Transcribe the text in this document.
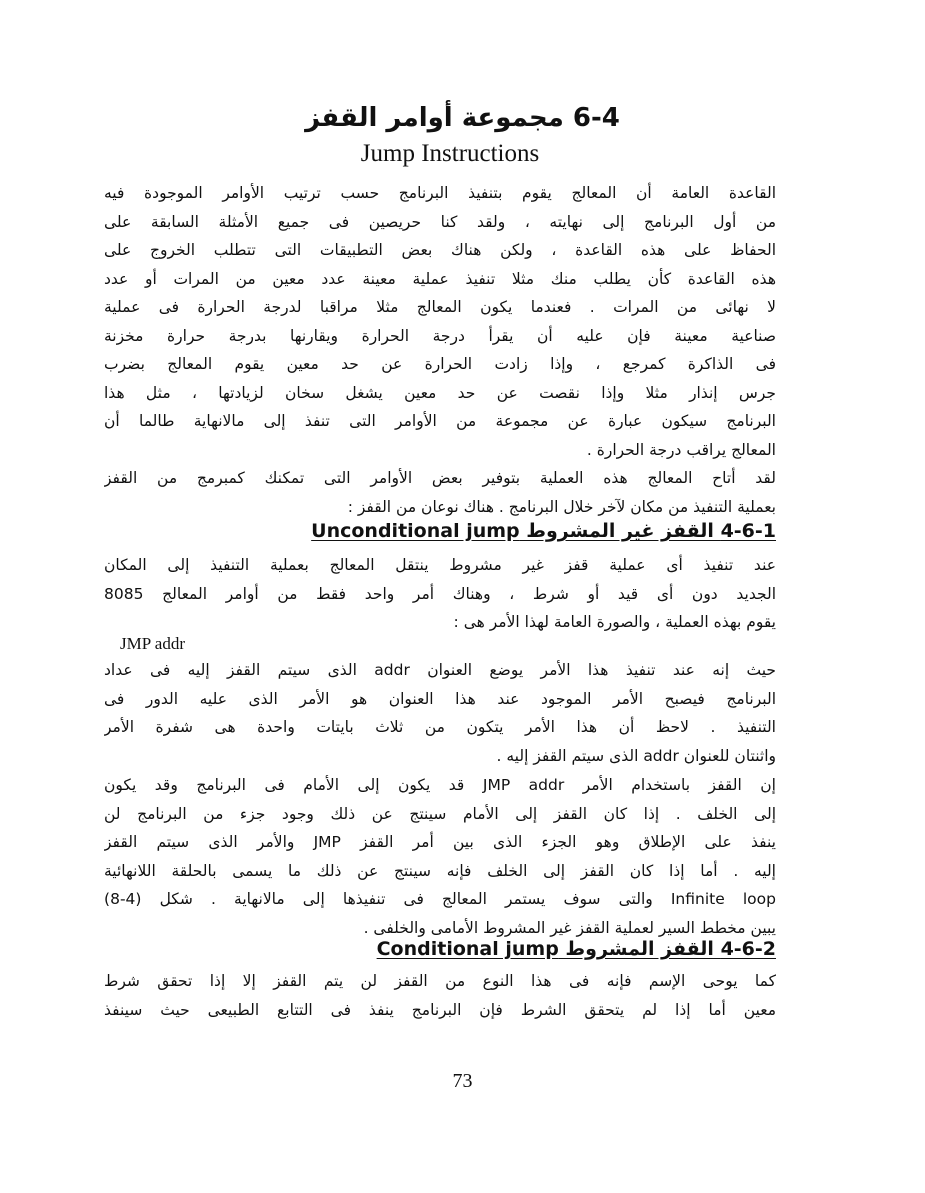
6-4 مجموعة أوامر القفز
Jump Instructions
القاعدة العامة أن المعالج يقوم بتنفيذ البرنامج حسب ترتيب الأوامر الموجودة فيه
من أول البرنامج إلى نهايته ، ولقد كنا حريصين فى جميع الأمثلة السابقة على
الحفاظ على هذه القاعدة ، ولكن هناك بعض التطبيقات التى تتطلب الخروج على
هذه القاعدة كأن يطلب منك مثلا تنفيذ عملية معينة عدد معين من المرات أو عدد
لا نهائى من المرات . فعندما يكون المعالج مثلا مراقبا لدرجة الحرارة فى عملية
صناعية معينة فإن عليه أن يقرأ درجة الحرارة ويقارنها بدرجة حرارة مخزنة
فى الذاكرة كمرجع ، وإذا زادت الحرارة عن حد معين يقوم المعالج بضرب
جرس إنذار مثلا وإذا نقصت عن حد معين يشغل سخان لزيادتها ، مثل هذا
البرنامج سيكون عبارة عن مجموعة من الأوامر التى تنفذ إلى مالانهاية طالما أن
المعالج يراقب درجة الحرارة .
لقد أتاح المعالج هذه العملية بتوفير بعض الأوامر التى تمكنك كمبرمج من القفز
بعملية التنفيذ من مكان لآخر خلال البرنامج . هناك نوعان من القفز :
4-6-1 القفز غير المشروط Unconditional jump
عند تنفيذ أى عملية قفز غير مشروط ينتقل المعالج بعملية التنفيذ إلى المكان
الجديد دون أى قيد أو شرط ، وهناك أمر واحد فقط من أوامر المعالج 8085
يقوم بهذه العملية ، والصورة العامة لهذا الأمر هى :
JMP addr
حيث إنه عند تنفيذ هذا الأمر يوضع العنوان addr الذى سيتم القفز إليه فى عداد
البرنامج فيصبح الأمر الموجود عند هذا العنوان هو الأمر الذى عليه الدور فى
التنفيذ . لاحظ أن هذا الأمر يتكون من ثلاث بايتات واحدة هى شفرة الأمر
واثنتان للعنوان addr الذى سيتم القفز إليه .
إن القفز باستخدام الأمر JMP addr قد يكون إلى الأمام فى البرنامج وقد يكون
إلى الخلف . إذا كان القفز إلى الأمام سينتج عن ذلك وجود جزء من البرنامج لن
ينفذ على الإطلاق وهو الجزء الذى بين أمر القفز JMP والأمر الذى سيتم القفز
إليه . أما إذا كان القفز إلى الخلف فإنه سينتج عن ذلك ما يسمى بالحلقة اللانهائية
Infinite loop والتى سوف يستمر المعالج فى تنفيذها إلى مالانهاية . شكل (4-8)
يبين مخطط السير لعملية القفز غير المشروط الأمامى والخلفى .
4-6-2 القفز المشروط Conditional jump
كما يوحى الإسم فإنه فى هذا النوع من القفز لن يتم القفز إلا إذا تحقق شرط
معين أما إذا لم يتحقق الشرط فإن البرنامج ينفذ فى التتابع الطبيعى حيث سينفذ
73
